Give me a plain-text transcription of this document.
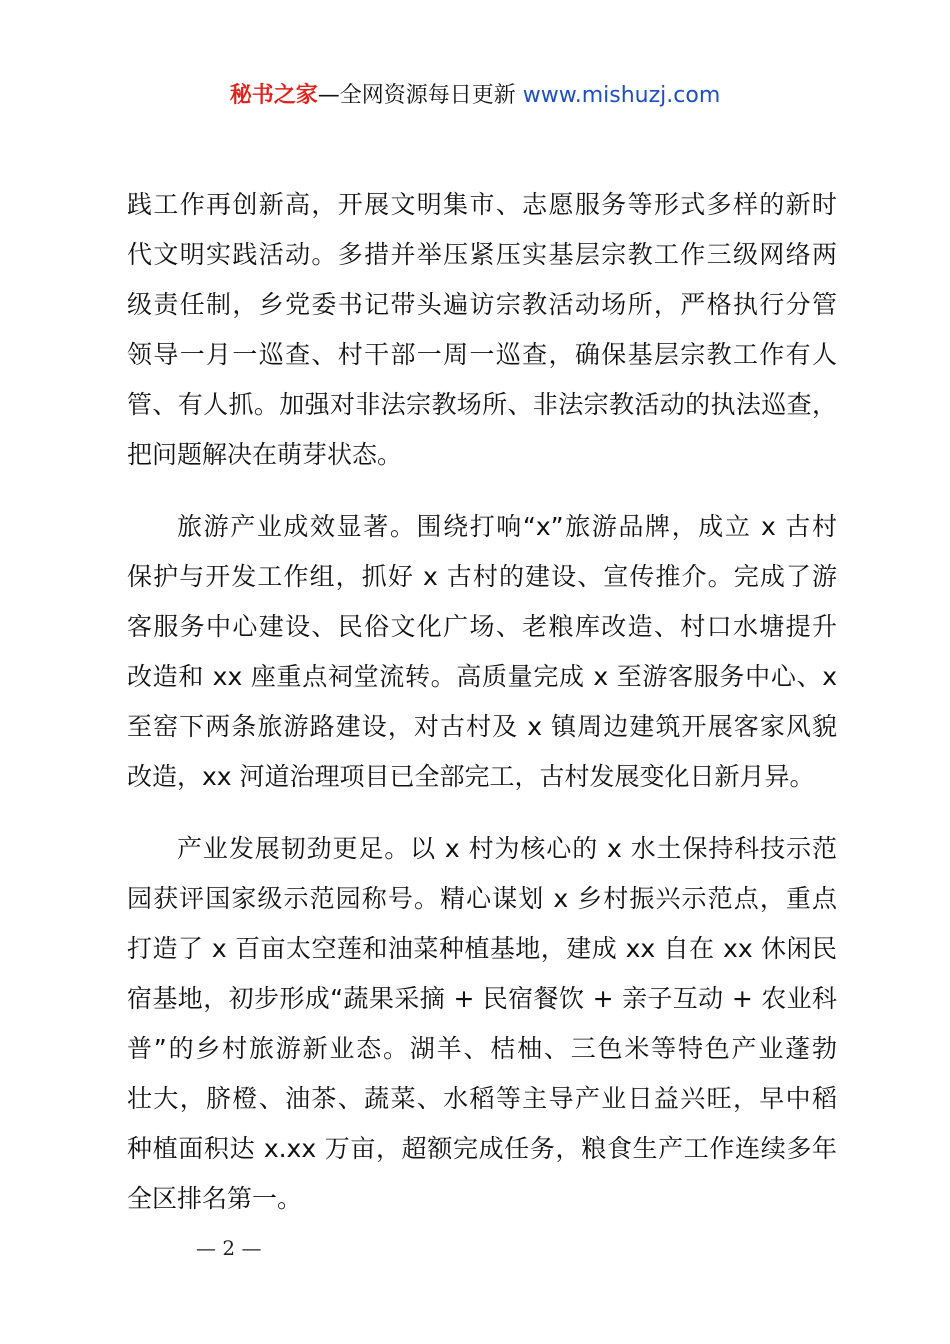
秘书之家—全网资源每日更新 www.mishuzj.com
践工作再创新高，开展文明集市、志愿服务等形式多样的新时
代文明实践活动。多措并举压紧压实基层宗教工作三级网络两
级责任制，乡党委书记带头遍访宗教活动场所，严格执行分管
领导一月一巡查、村干部一周一巡查，确保基层宗教工作有人
管、有人抓。加强对非法宗教场所、非法宗教活动的执法巡查，
把问题解决在萌芽状态。
旅游产业成效显著。围绕打响“x”旅游品牌，成立 x 古村
保护与开发工作组，抓好 x 古村的建设、宣传推介。完成了游
客服务中心建设、民俗文化广场、老粮库改造、村口水塘提升
改造和 xx 座重点祠堂流转。高质量完成 x 至游客服务中心、x
至窑下两条旅游路建设，对古村及 x 镇周边建筑开展客家风貌
改造，xx 河道治理项目已全部完工，古村发展变化日新月异。
产业发展韧劲更足。以 x 村为核心的 x 水土保持科技示范
园获评国家级示范园称号。精心谋划 x 乡村振兴示范点，重点
打造了 x 百亩太空莲和油菜种植基地，建成 xx 自在 xx 休闲民
宿基地，初步形成“蔬果采摘 + 民宿餐饮 + 亲子互动 + 农业科
普”的乡村旅游新业态。湖羊、桔柚、三色米等特色产业蓬勃
壮大，脐橙、油茶、蔬菜、水稻等主导产业日益兴旺，早中稻
种植面积达 x.xx 万亩，超额完成任务，粮食生产工作连续多年
全区排名第一。
— 2 —
